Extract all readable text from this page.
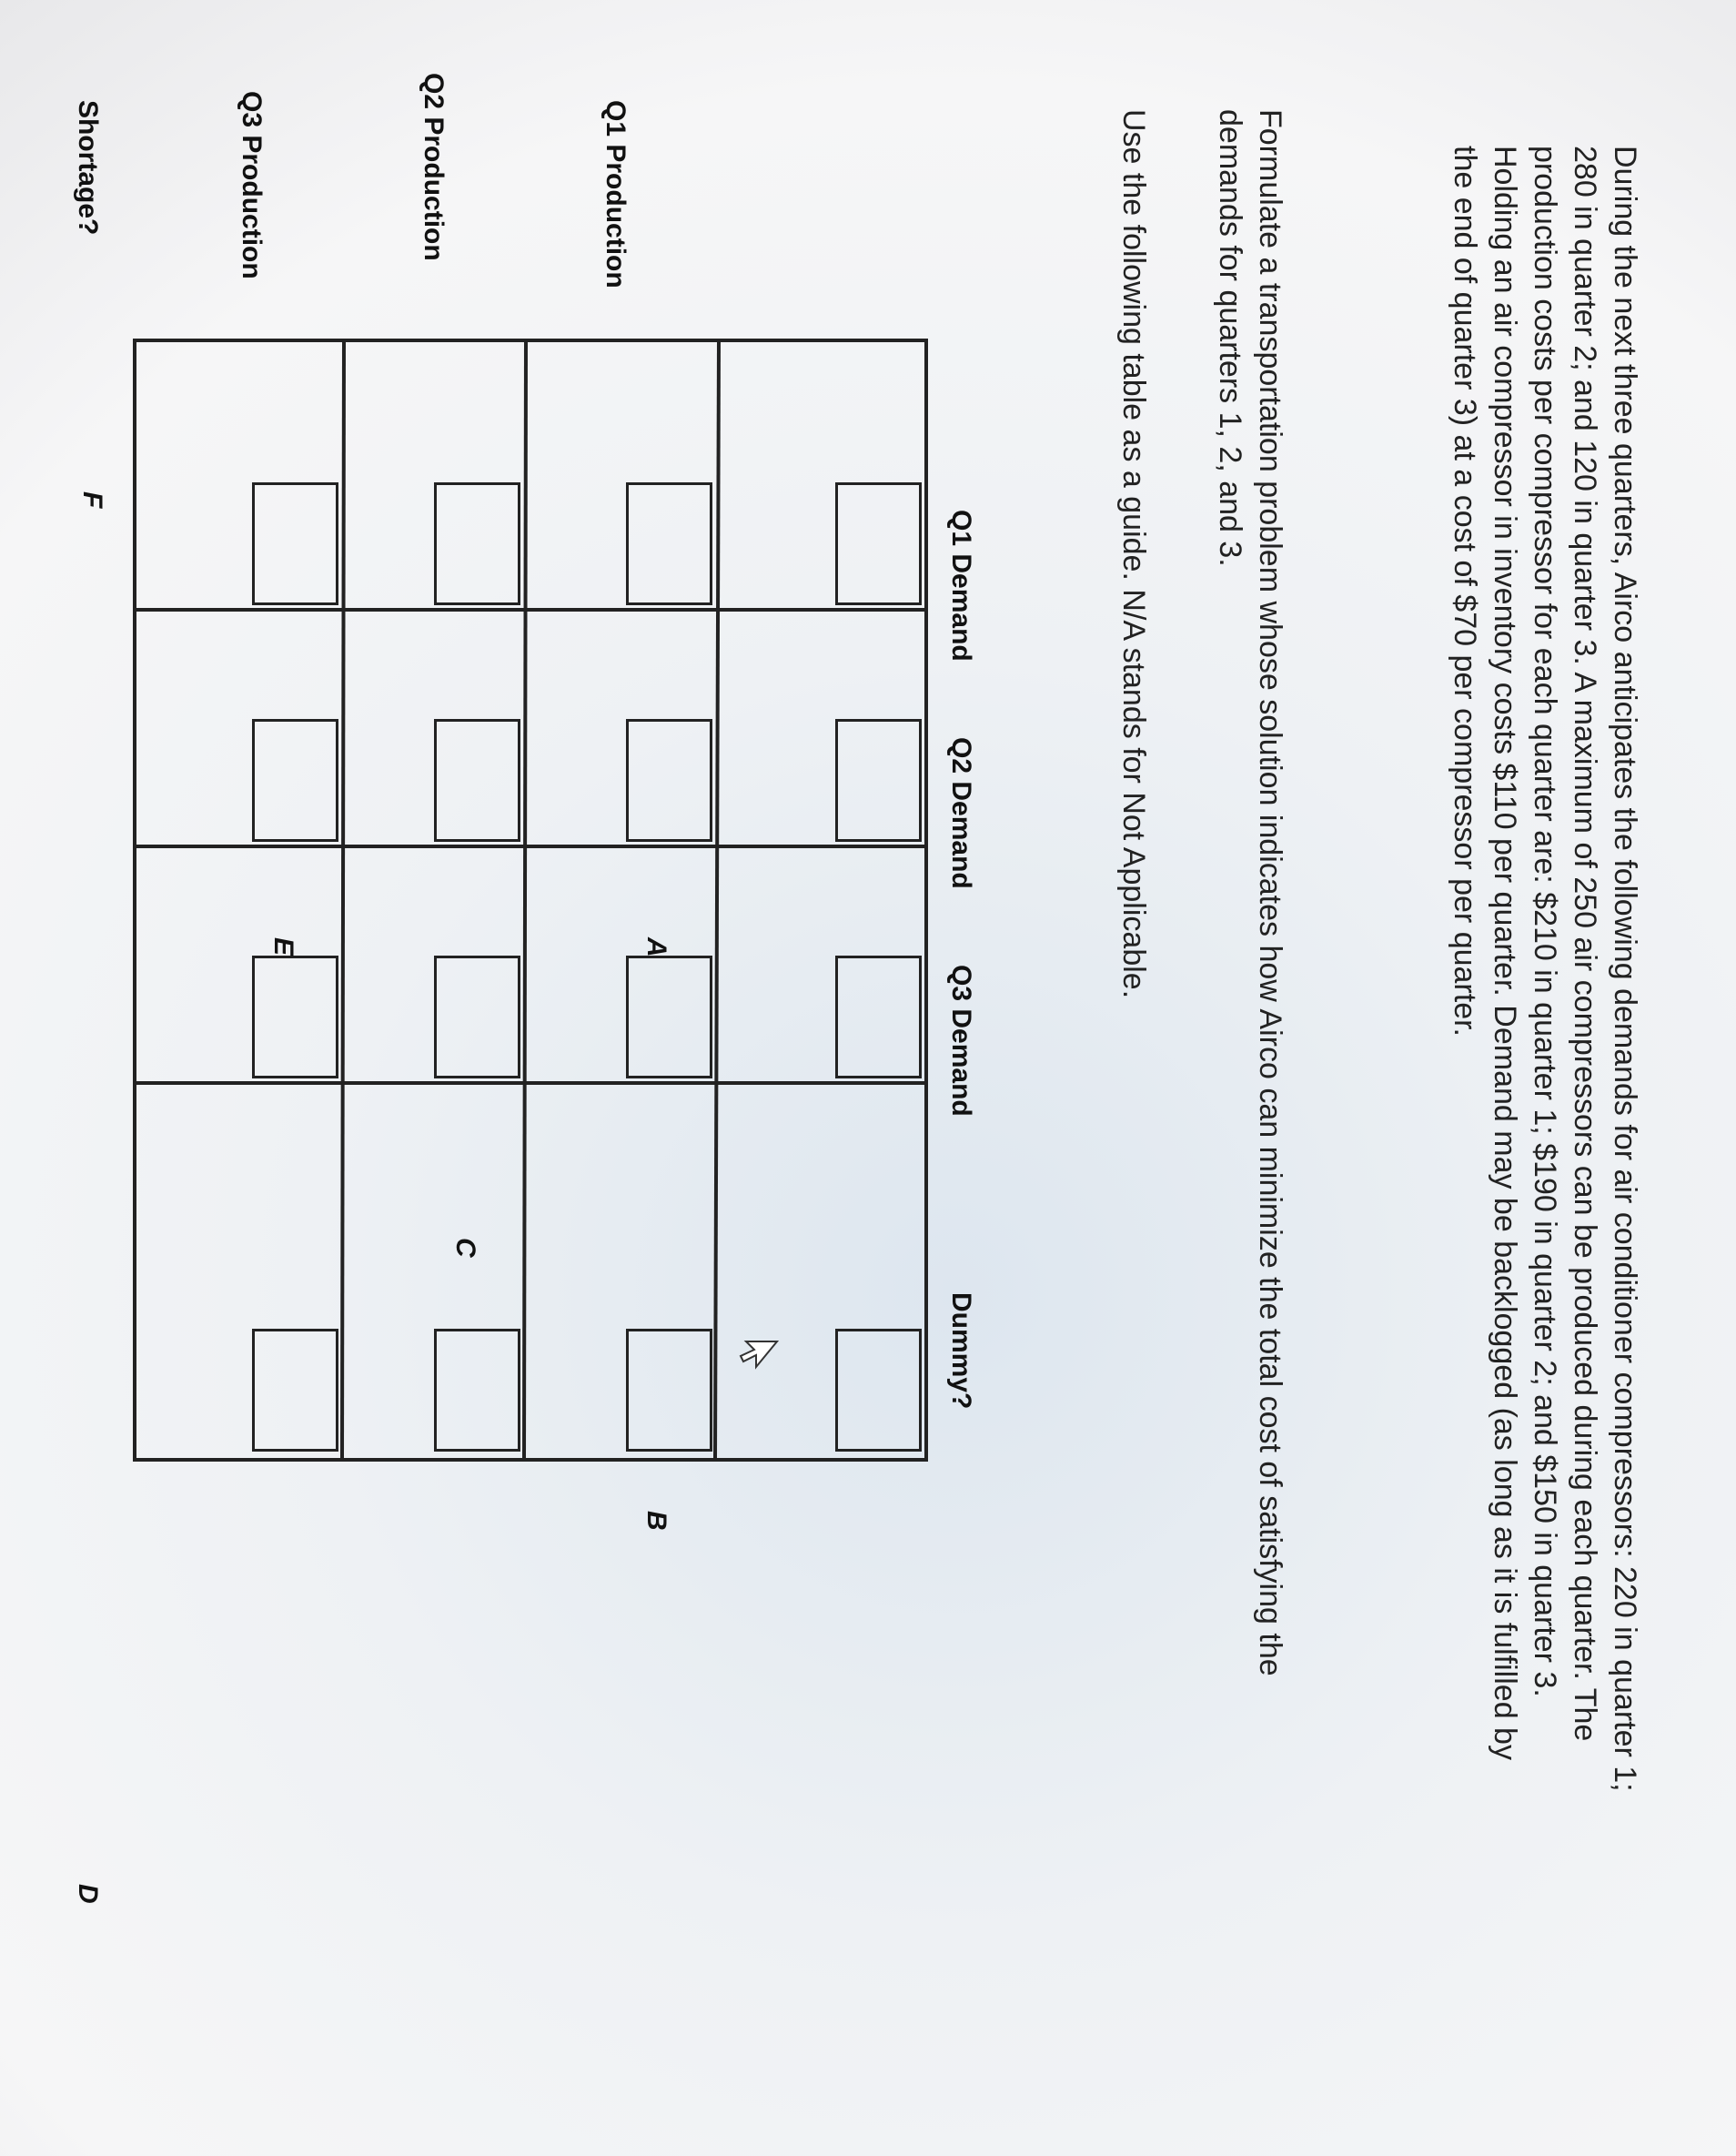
During the next three quarters, Airco anticipates the following demands for air conditioner compressors: 220 in quarter 1; 280 in quarter 2; and 120 in quarter 3. A maximum of 250 air compressors can be produced during each quarter. The production costs per compressor for each quarter are: $210 in quarter 1; $190 in quarter 2; and $150 in quarter 3. Holding an air compressor in inventory costs $110 per quarter. Demand may be backlogged (as long as it is fulfilled by the end of quarter 3) at a cost of $70 per compressor per quarter.

Formulate a transportation problem whose solution indicates how Airco can minimize the total cost of satisfying the demands for quarters 1, 2, and 3.

Use the following table as a guide. N/A stands for Not Applicable.

Q1 Demand
Q2 Demand
Q3 Demand
Dummy?
Q1 Production
Q2 Production
Q3 Production
Shortage?
A
B
C
D
E
F
